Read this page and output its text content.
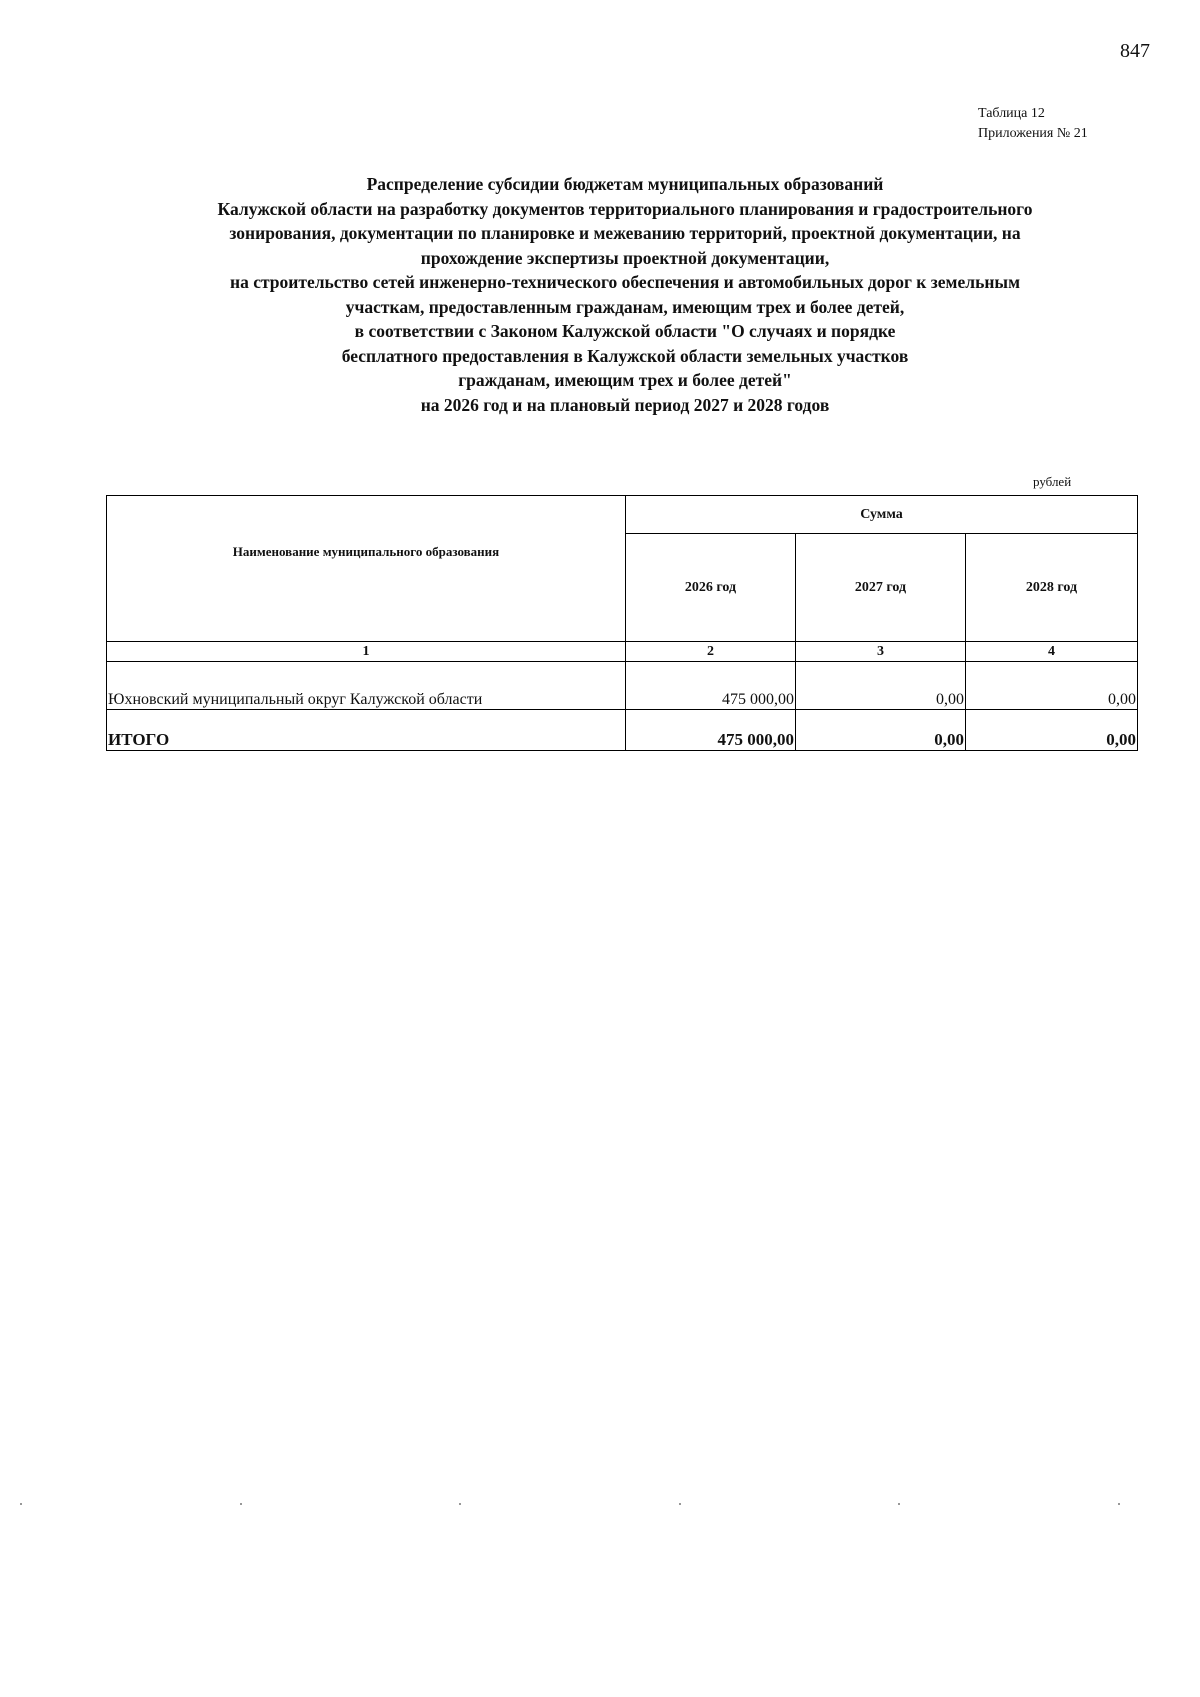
847
Таблица 12
Приложения № 21
Распределение субсидии бюджетам муниципальных образований
Калужской области на разработку документов территориального планирования и градостроительного
зонирования, документации по планировке и межеванию территорий, проектной документации, на
прохождение экспертизы проектной документации,
на строительство сетей инженерно-технического обеспечения и автомобильных дорог к земельным
участкам, предоставленным гражданам, имеющим трех и более детей,
в соответствии с Законом Калужской области "О случаях и порядке
бесплатного предоставления в Калужской области земельных участков
гражданам, имеющим трех и более детей"
на 2026 год и на плановый период 2027 и 2028 годов
рублей
Наименование муниципального образования	Сумма		
	2026 год	2027 год	2028 год
1	2	3	4

Юхновский муниципальный округ Калужской области	475 000,00	0,00	0,00
ИТОГО	475 000,00	0,00	0,00
